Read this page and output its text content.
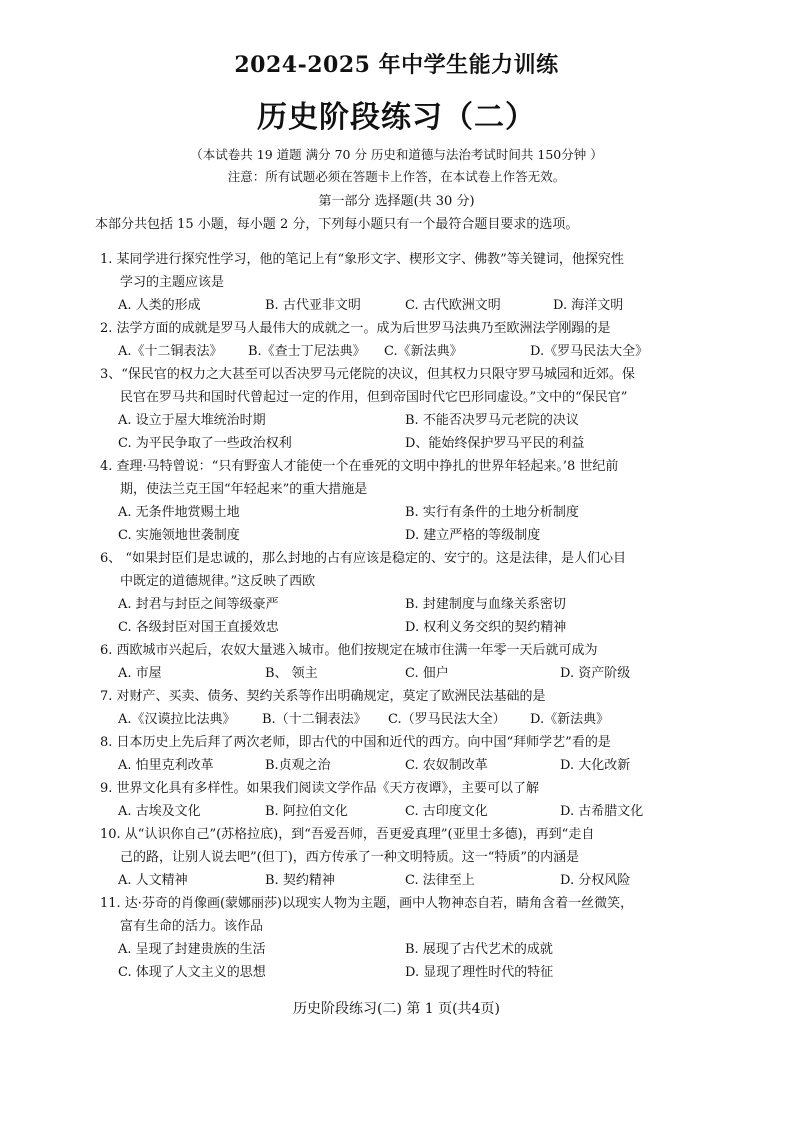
2024-2025 年中学生能力训练
历史阶段练习（二）
（本试卷共 19 道题 满分 70 分 历史和道德与法治考试时间共 150分钟 ）
注意：所有试题必须在答题卡上作答，在本试卷上作答无效。
第一部分 选择题(共 30 分)
本部分共包括 15 小题，每小题 2 分，下列每小题只有一个最符合题目要求的选项。
1. 某同学进行探究性学习，他的笔记上有“象形文字、楔形文字、佛教”等关键词，他探究性
学习的主题应该是
A. 人类的形成	B. 古代亚非文明	C. 古代欧洲文明	D. 海洋文明
2. 法学方面的成就是罗马人最伟大的成就之一。成为后世罗马法典乃至欧洲法学刚蹋的是
A.《十二铜表法》 B.《查士丁尼法典》 C.《新法典》	D.《罗马民法大全》
3、“保民官的权力之大甚至可以否决罗马元佬院的决议，但其权力只限守罗马城园和近郊。保
民官在罗马共和国时代曾起过一定的作用，但到帝国时代它巴形同虚设。”文中的“保民官”
A. 设立于屋大堆统治时期	B. 不能否决罗马元老院的决议
C. 为平民争取了一些政治权利	D、能始终保护罗马平民的利益
4. 查理·马特曾说：“只有野蛮人才能使一个在垂死的文明中挣扎的世界年轻起来。’8 世纪前
期，使法兰克王国“年轻起来”的重大措施是
A. 无条件地赏赐土地	B. 实行有条件的土地分析制度
C. 实施领地世袭制度	D. 建立严格的等级制度
6、 “如果封臣们是忠诚的，那么封地的占有应该是稳定的、安宁的。这是法律，是人们心目
中既定的道德规律。”这反映了西欧
A. 封君与封臣之间等级豪严	B. 封建制度与血缘关系密切
C. 各级封臣对国王直援效忠	D. 权利义务交织的契约精神
6. 西欧城市兴起后，农奴大量逃入城市。他们按规定在城市住满一年零一天后就可成为
A. 市屋	B、 领主	C. 佃户	D. 资产阶级
7. 对财产、买卖、债务、契约关系等作出明确规定，莫定了欧洲民法基础的是
A.《汉谟拉比法典》 B.（十二铜表法》 C.（罗马民法大全） D.《新法典》
8. 日本历史上先后拜了两次老师，即古代的中国和近代的西方。向中国“拜师学艺”看的是
A. 怕里克利改革	B.贞观之治	C. 农奴制改革	D. 大化改新
9. 世界文化具有多样性。如果我们阅读文学作品《天方夜谭》，主要可以了解
A. 古埃及文化	B. 阿拉伯文化	C. 古印度文化	D. 古希腊文化
10. 从“认识你自己”(苏格拉底)，到“吾爱吾师，吾更爱真理”(亚里士多德)，再到“走自
己的路，让别人说去吧”(但丁)，西方传承了一种文明特质。这一“特质”的内涵是
A. 人文精神	B. 契约精神	C. 法律至上	D. 分权风险
11. 达·芬奇的肖像画(蒙娜丽莎)以现实人物为主题，画中人物神态自若，睛角含着一丝微笑，
富有生命的活力。该作品
A. 呈现了封建贵族的生活	B. 展现了古代艺术的成就
C. 体现了人文主义的思想	D. 显现了理性时代的特征
历史阶段练习(二) 第 1 页(共4页)
